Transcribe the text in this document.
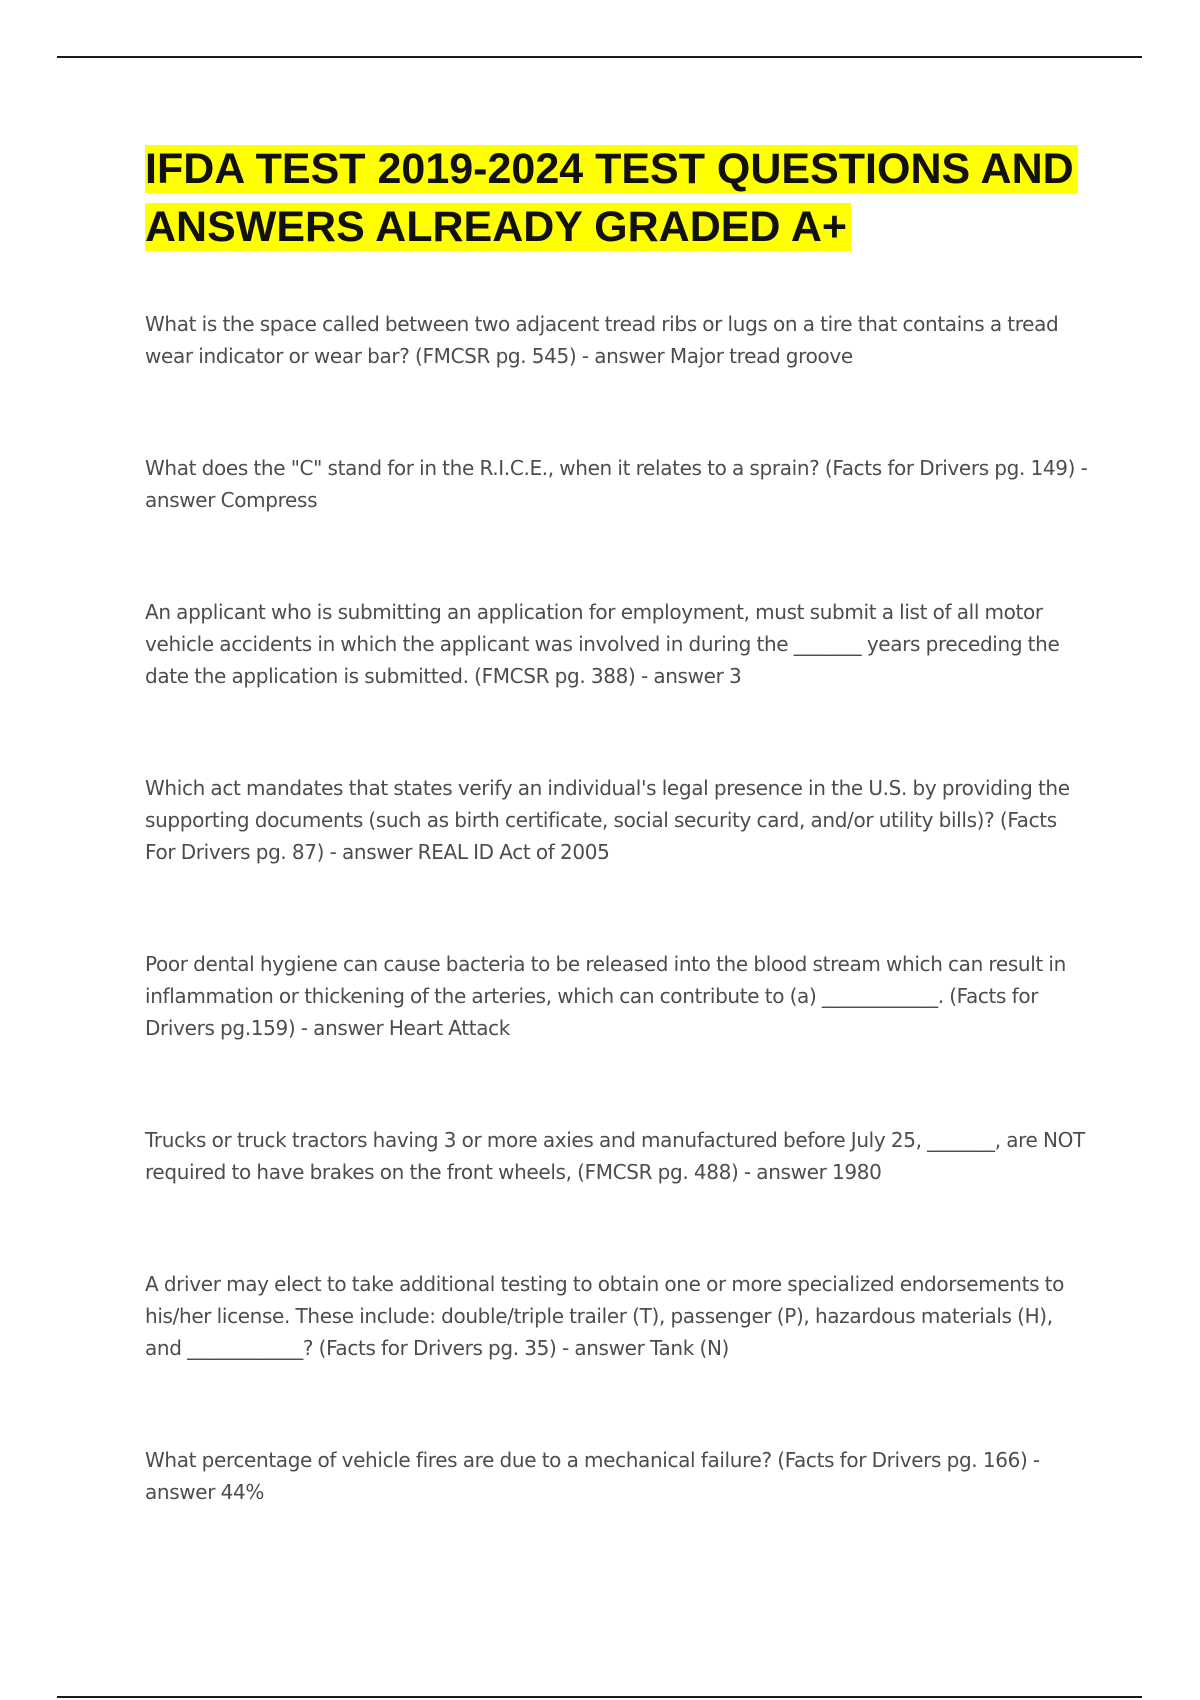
IFDA TEST 2019-2024 TEST QUESTIONS AND ANSWERS ALREADY GRADED A+

What is the space called between two adjacent tread ribs or lugs on a tire that contains a tread wear indicator or wear bar? (FMCSR pg. 545) - answer Major tread groove

What does the "C" stand for in the R.I.C.E., when it relates to a sprain? (Facts for Drivers pg. 149) - answer Compress

An applicant who is submitting an application for employment, must submit a list of all motor vehicle accidents in which the applicant was involved in during the _______ years preceding the date the application is submitted. (FMCSR pg. 388) - answer 3

Which act mandates that states verify an individual's legal presence in the U.S. by providing the supporting documents (such as birth certificate, social security card, and/or utility bills)? (Facts For Drivers pg. 87) - answer REAL ID Act of 2005

Poor dental hygiene can cause bacteria to be released into the blood stream which can result in inflammation or thickening of the arteries, which can contribute to (a) ____________. (Facts for Drivers pg.159) - answer Heart Attack

Trucks or truck tractors having 3 or more axies and manufactured before July 25, _______, are NOT required to have brakes on the front wheels, (FMCSR pg. 488) - answer 1980

A driver may elect to take additional testing to obtain one or more specialized endorsements to his/her license. These include: double/triple trailer (T), passenger (P), hazardous materials (H), and ____________? (Facts for Drivers pg. 35) - answer Tank (N)

What percentage of vehicle fires are due to a mechanical failure? (Facts for Drivers pg. 166) - answer 44%
